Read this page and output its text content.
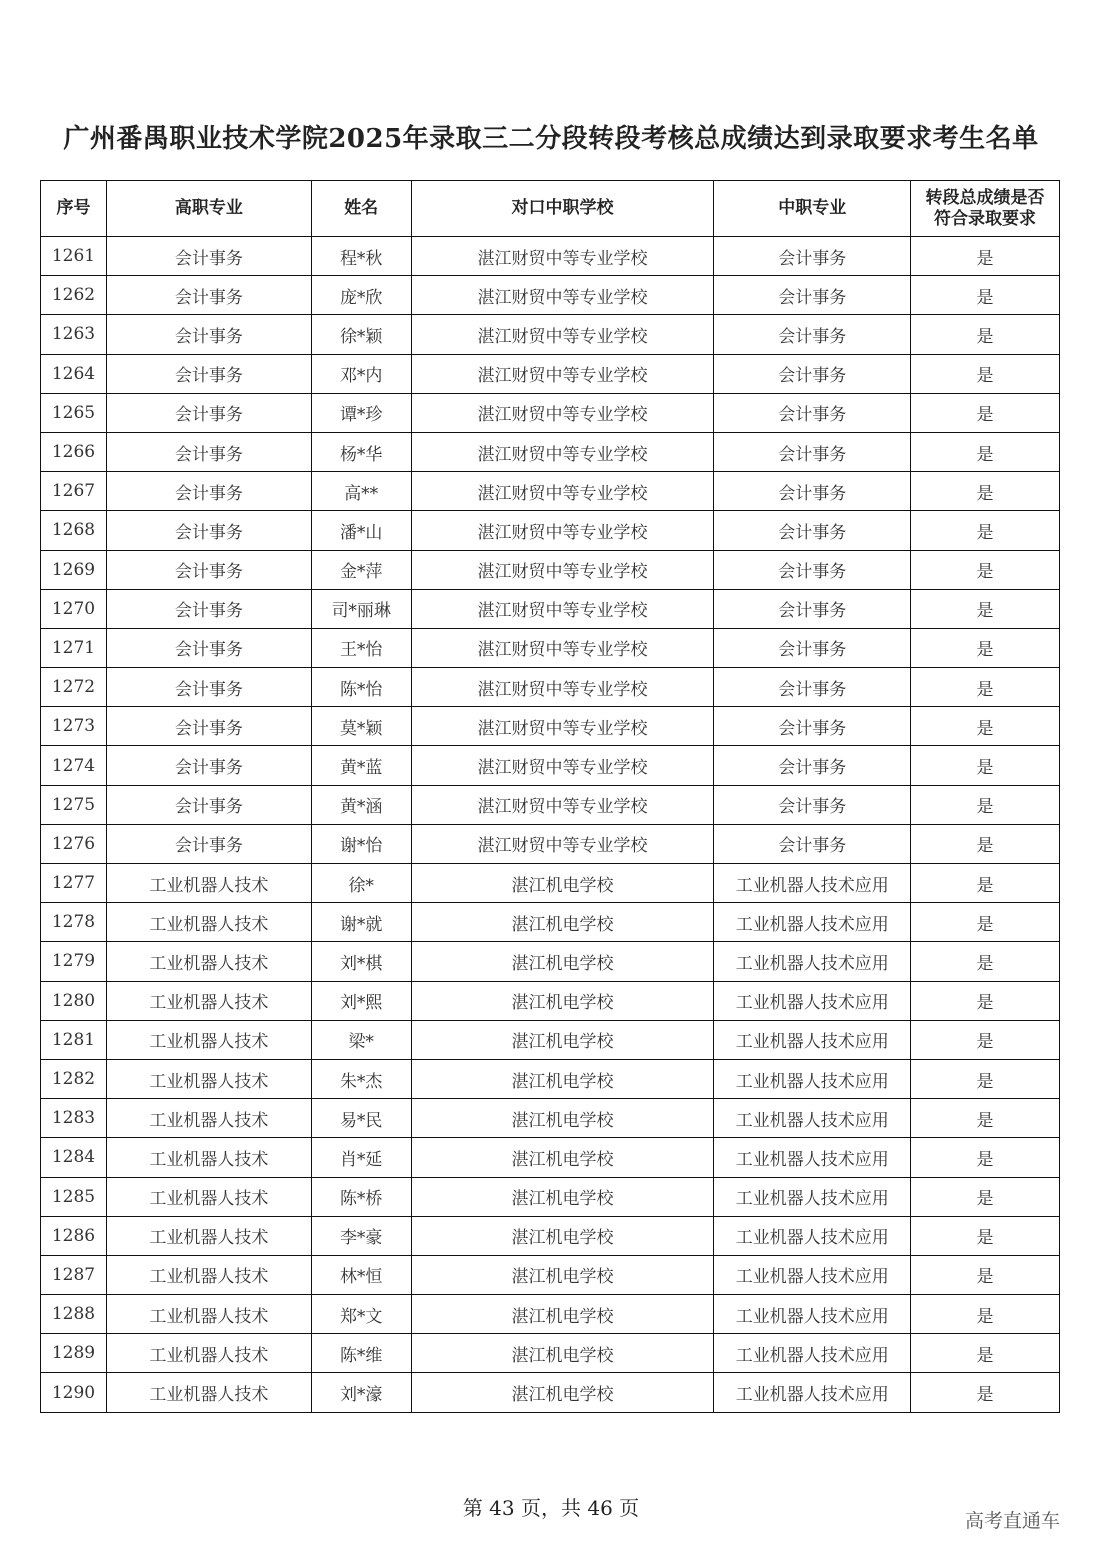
广州番禺职业技术学院2025年录取三二分段转段考核总成绩达到录取要求考生名单
序号	高职专业	姓名	对口中职学校	中职专业	转段总成绩是否符合录取要求
1261	会计事务	程*秋	湛江财贸中等专业学校	会计事务	是
1262	会计事务	庞*欣	湛江财贸中等专业学校	会计事务	是
1263	会计事务	徐*颖	湛江财贸中等专业学校	会计事务	是
1264	会计事务	邓*内	湛江财贸中等专业学校	会计事务	是
1265	会计事务	谭*珍	湛江财贸中等专业学校	会计事务	是
1266	会计事务	杨*华	湛江财贸中等专业学校	会计事务	是
1267	会计事务	高**	湛江财贸中等专业学校	会计事务	是
1268	会计事务	潘*山	湛江财贸中等专业学校	会计事务	是
1269	会计事务	金*萍	湛江财贸中等专业学校	会计事务	是
1270	会计事务	司*丽琳	湛江财贸中等专业学校	会计事务	是
1271	会计事务	王*怡	湛江财贸中等专业学校	会计事务	是
1272	会计事务	陈*怡	湛江财贸中等专业学校	会计事务	是
1273	会计事务	莫*颖	湛江财贸中等专业学校	会计事务	是
1274	会计事务	黄*蓝	湛江财贸中等专业学校	会计事务	是
1275	会计事务	黄*涵	湛江财贸中等专业学校	会计事务	是
1276	会计事务	谢*怡	湛江财贸中等专业学校	会计事务	是
1277	工业机器人技术	徐*	湛江机电学校	工业机器人技术应用	是
1278	工业机器人技术	谢*就	湛江机电学校	工业机器人技术应用	是
1279	工业机器人技术	刘*棋	湛江机电学校	工业机器人技术应用	是
1280	工业机器人技术	刘*熙	湛江机电学校	工业机器人技术应用	是
1281	工业机器人技术	梁*	湛江机电学校	工业机器人技术应用	是
1282	工业机器人技术	朱*杰	湛江机电学校	工业机器人技术应用	是
1283	工业机器人技术	易*民	湛江机电学校	工业机器人技术应用	是
1284	工业机器人技术	肖*延	湛江机电学校	工业机器人技术应用	是
1285	工业机器人技术	陈*桥	湛江机电学校	工业机器人技术应用	是
1286	工业机器人技术	李*豪	湛江机电学校	工业机器人技术应用	是
1287	工业机器人技术	林*恒	湛江机电学校	工业机器人技术应用	是
1288	工业机器人技术	郑*文	湛江机电学校	工业机器人技术应用	是
1289	工业机器人技术	陈*维	湛江机电学校	工业机器人技术应用	是
1290	工业机器人技术	刘*濠	湛江机电学校	工业机器人技术应用	是
第 43 页，共 46 页
高考直通车
